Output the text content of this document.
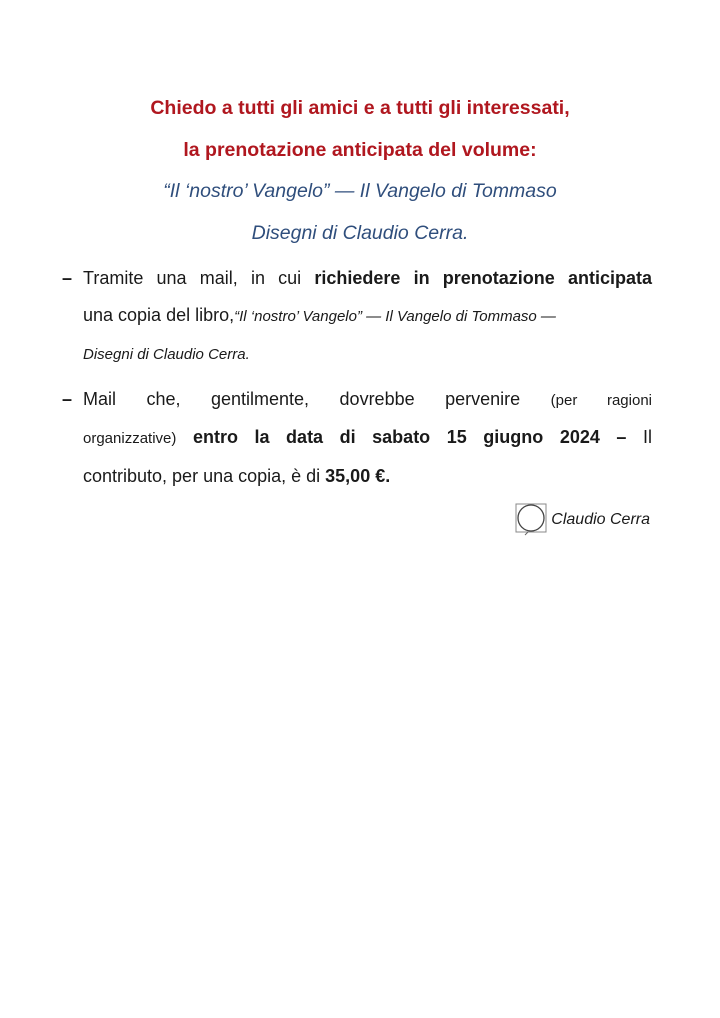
Chiedo a tutti gli amici e a tutti gli interessati,
la prenotazione anticipata del volume:
“Il ‘nostro’ Vangelo” — Il Vangelo di Tommaso
Disegni di Claudio Cerra.
– Tramite una mail, in cui richiedere in prenotazione anticipata
una copia del libro,“Il ‘nostro’ Vangelo” — Il Vangelo di Tommaso —
Disegni di Claudio Cerra.
– Mail che, gentilmente, dovrebbe pervenire (per ragioni
organizzative) entro la data di sabato 15 giugno 2024 – Il
contributo, per una copia, è di 35,00 €.
Claudio Cerra
